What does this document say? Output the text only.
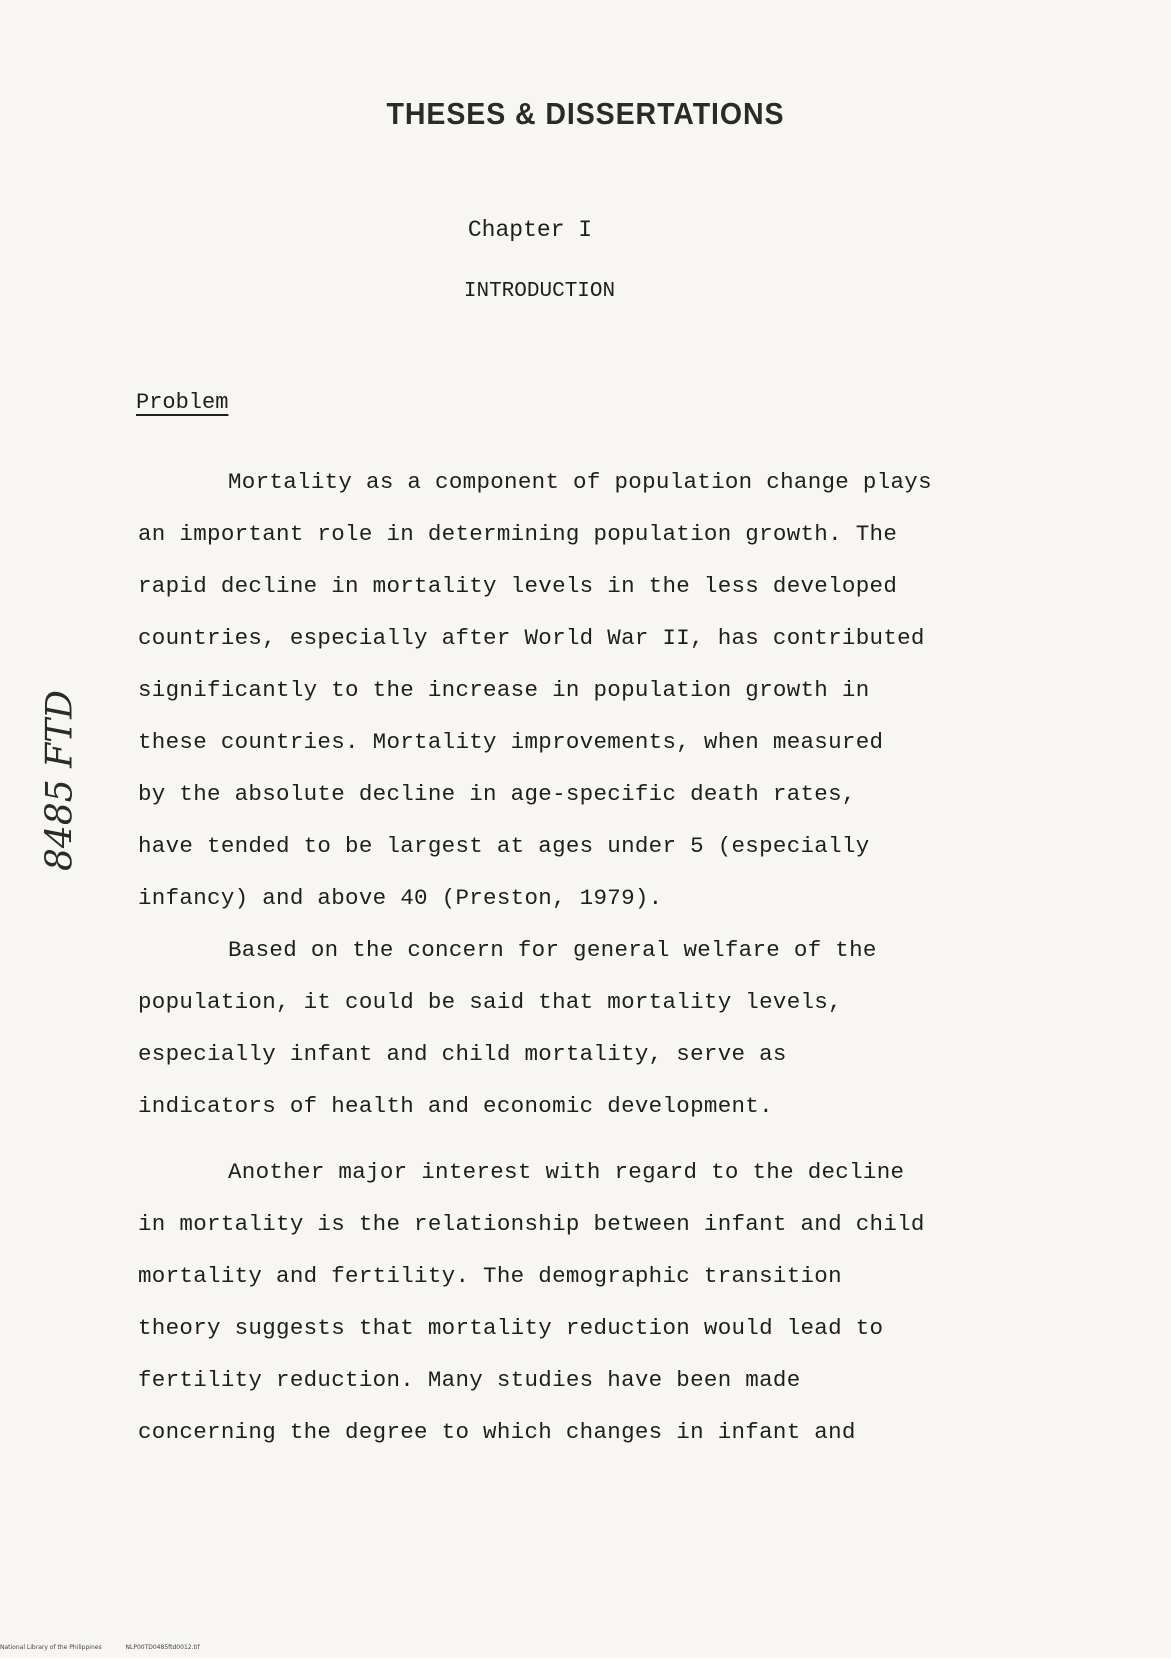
THESES & DISSERTATIONS
Chapter I
INTRODUCTION
Problem
8485 FTD
Mortality as a component of population change plays
an important role in determining population growth. The
rapid decline in mortality levels in the less developed
countries, especially after World War II, has contributed
significantly to the increase in population growth in
these countries. Mortality improvements, when measured
by the absolute decline in age-specific death rates,
have tended to be largest at ages under 5 (especially
infancy) and above 40 (Preston, 1979).
Based on the concern for general welfare of the
population, it could be said that mortality levels,
especially infant and child mortality, serve as
indicators of health and economic development.
Another major interest with regard to the decline
in mortality is the relationship between infant and child
mortality and fertility. The demographic transition
theory suggests that mortality reduction would lead to
fertility reduction. Many studies have been made
concerning the degree to which changes in infant and
National Library of the Philippines	NLP00TD0485ftd0012.tif
